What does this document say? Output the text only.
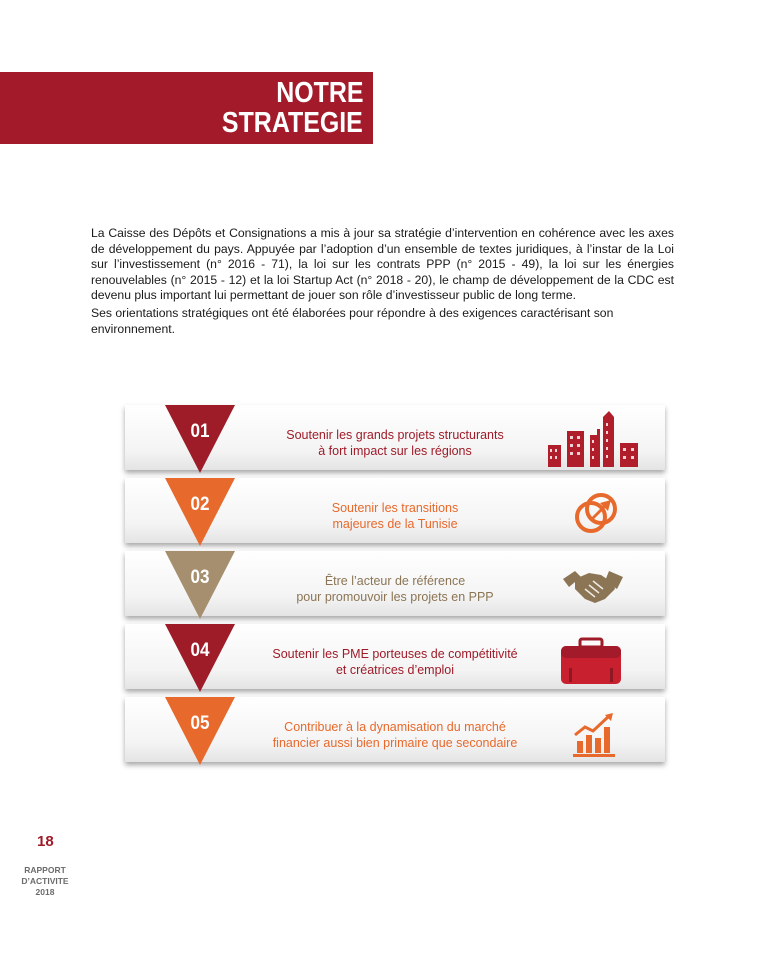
NOTRE
STRATEGIE

La Caisse des Dépôts et Consignations a mis à jour sa stratégie d’intervention en cohérence avec les axes de développement du pays. Appuyée par l’adoption d’un ensemble de textes juridiques, à l’instar de la Loi sur l’investissement (n° 2016 - 71), la loi sur les contrats PPP (n° 2015 - 49), la loi sur les énergies renouvelables (n° 2015 - 12) et la loi Startup Act (n° 2018 - 20), le champ de développement de la CDC est devenu plus important lui permettant de jouer son rôle d’investisseur public de long terme.

Ses orientations stratégiques ont été élaborées pour répondre à des exigences caractérisant son environnement.

01	Soutenir les grands projets structurants
à fort impact sur les régions
02	Soutenir les transitions
majeures de la Tunisie
03	Être l’acteur de référence
pour promouvoir les projets en PPP
04	Soutenir les PME porteuses de compétitivité
et créatrices d’emploi
05	Contribuer à la dynamisation du marché
financier aussi bien primaire que secondaire
18
RAPPORT
D’ACTIVITE
2018
